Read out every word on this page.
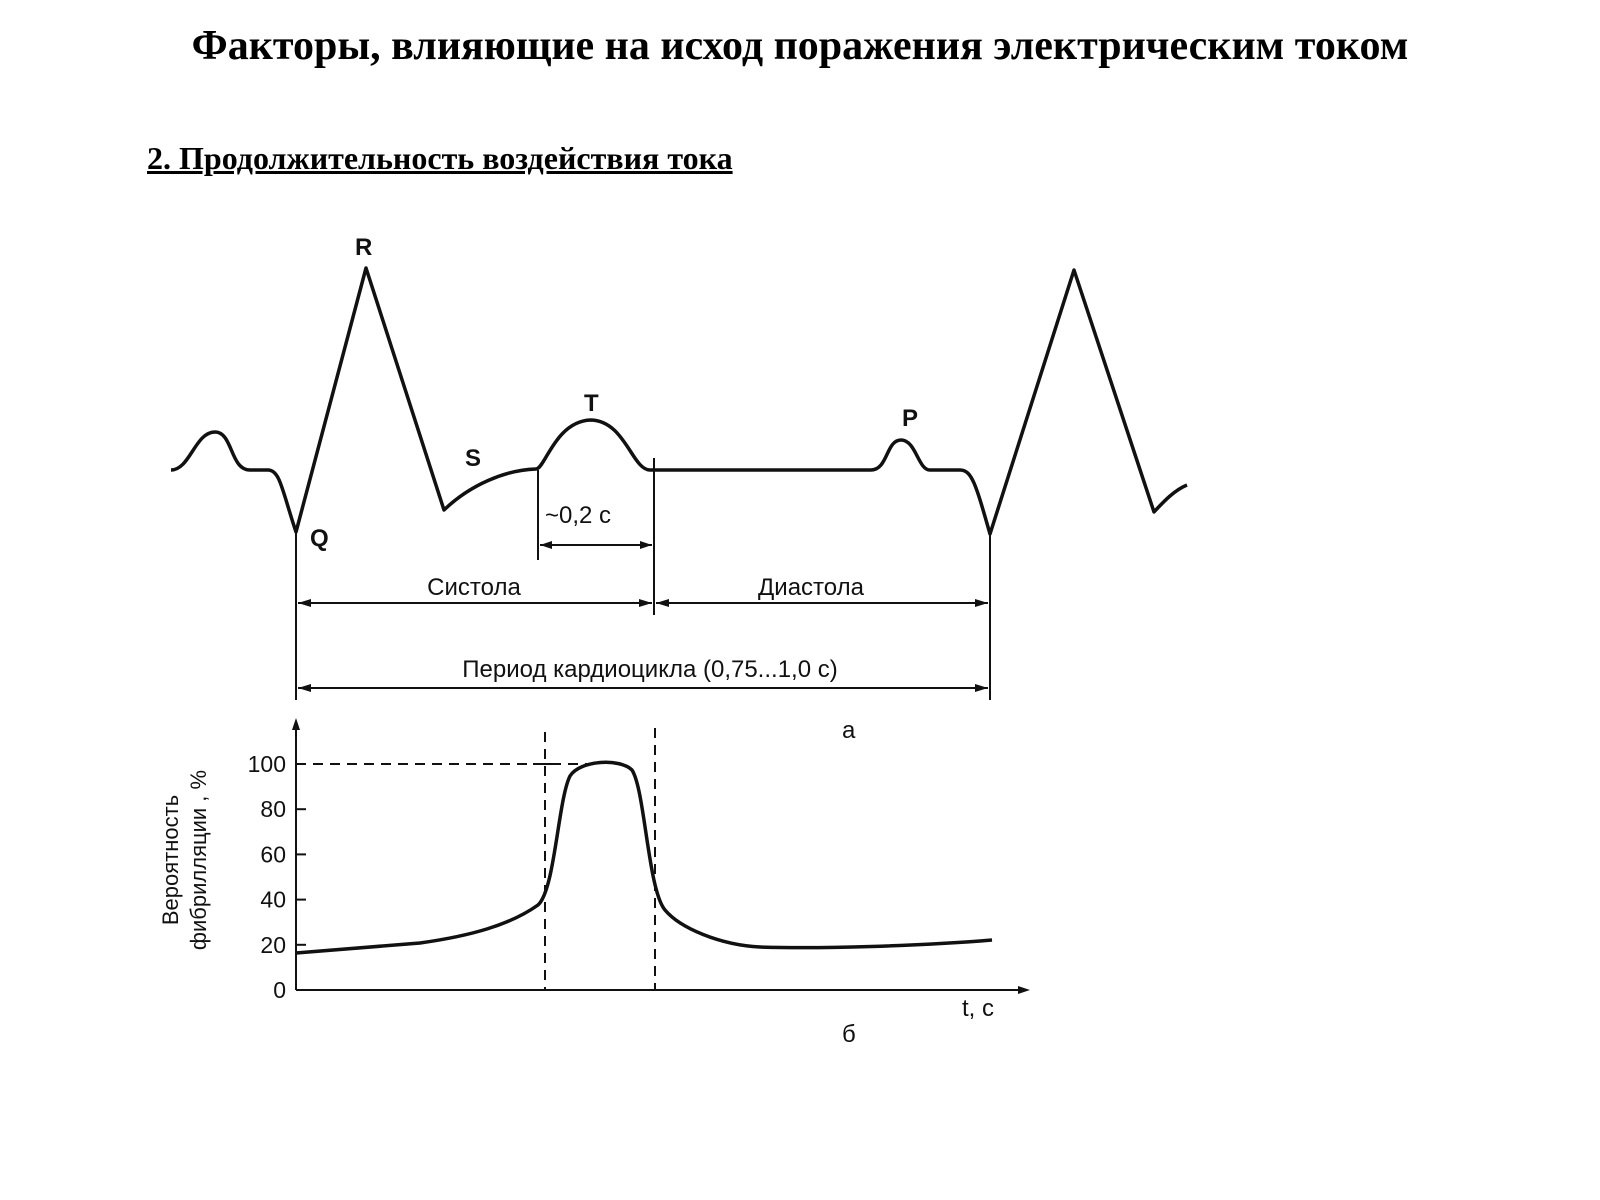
Факторы, влияющие на исход поражения электрическим током
2. Продолжительность воздействия тока
R
Q
S
T
P
~0,2 с
Систола	Диастола
Период кардиоцикла (0,75...1,0 с)
а
0
20
40
60
80
100
Вероятность фибрилляции , %
t, с
б
